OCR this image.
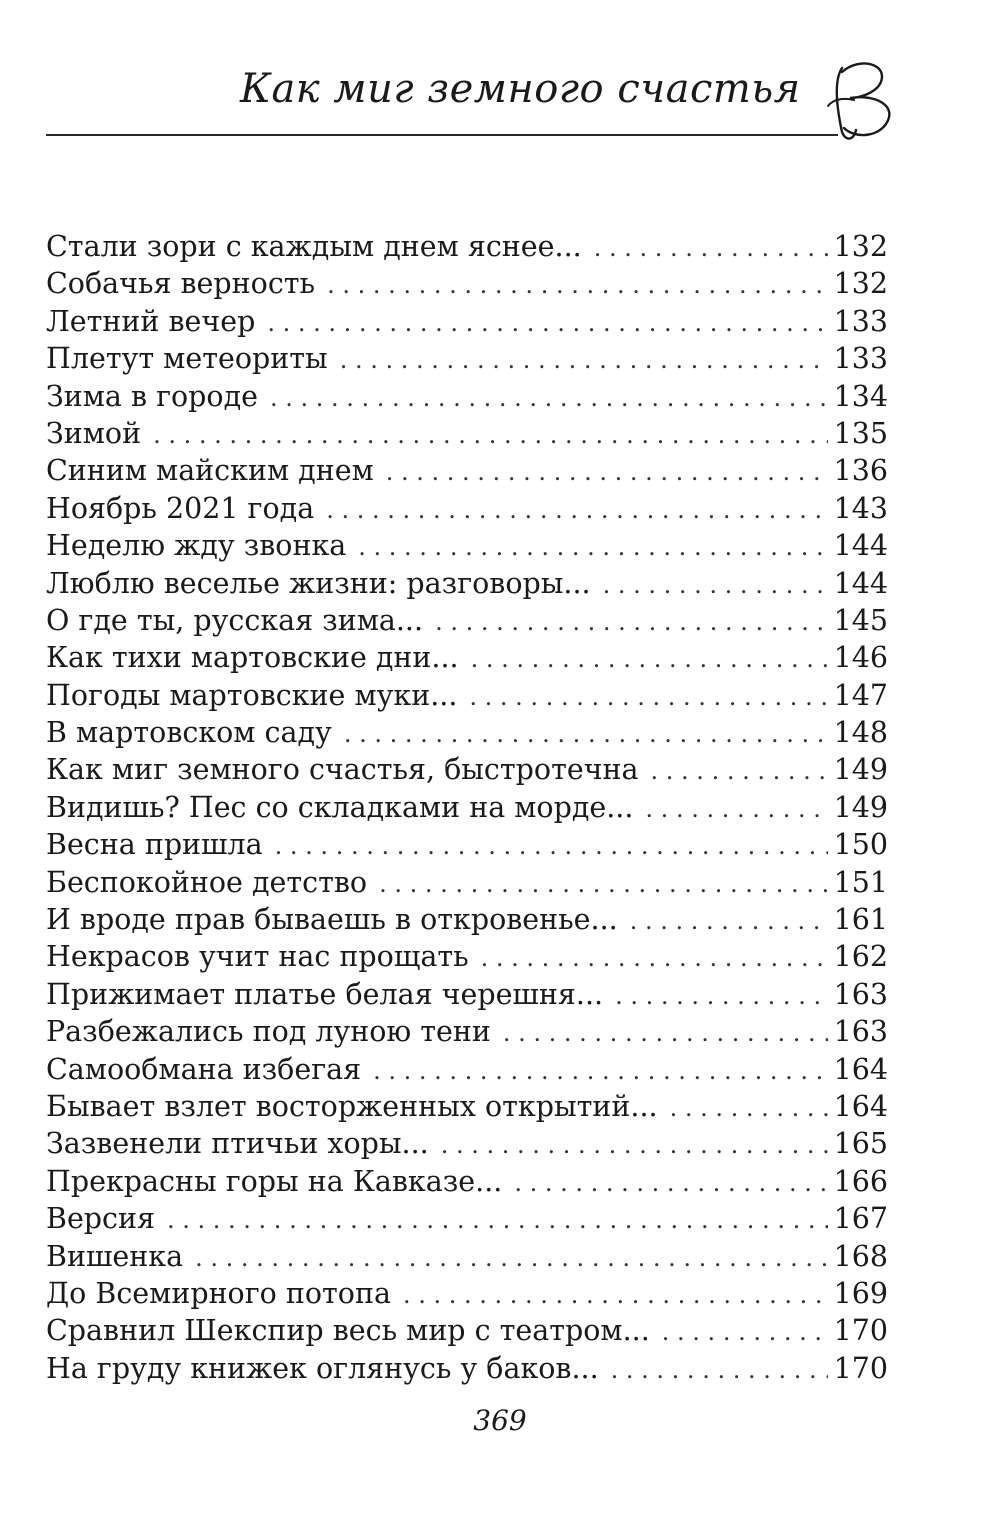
Как миг земного счастья
Стали зори с каждым днем яснее... . . .	132
Собачья верность . . .	132
Летний вечер . . .	133
Плетут метеориты . . .	133
Зима в городе . . .	134
Зимой . . .	135
Синим майским днем . . .	136
Ноябрь 2021 года . . .	143
Неделю жду звонка . . .	144
Люблю веселье жизни: разговоры... . . .	144
О где ты, русская зима... . . .	145
Как тихи мартовские дни... . . .	146
Погоды мартовские муки... . . .	147
В мартовском саду . . .	148
Как миг земного счастья, быстротечна . . .	149
Видишь? Пес со складками на морде... . . .	149
Весна пришла . . .	150
Беспокойное детство . . .	151
И вроде прав бываешь в откровенье... . . .	161
Некрасов учит нас прощать . . .	162
Прижимает платье белая черешня... . . .	163
Разбежались под луною тени . . .	163
Самообмана избегая . . .	164
Бывает взлет восторженных открытий... . . .	164
Зазвенели птичьи хоры... . . .	165
Прекрасны горы на Кавказе... . . .	166
Версия . . .	167
Вишенка . . .	168
До Всемирного потопа . . .	169
Сравнил Шекспир весь мир с театром... . . .	170
На груду книжек оглянусь у баков... . . .	170
369
